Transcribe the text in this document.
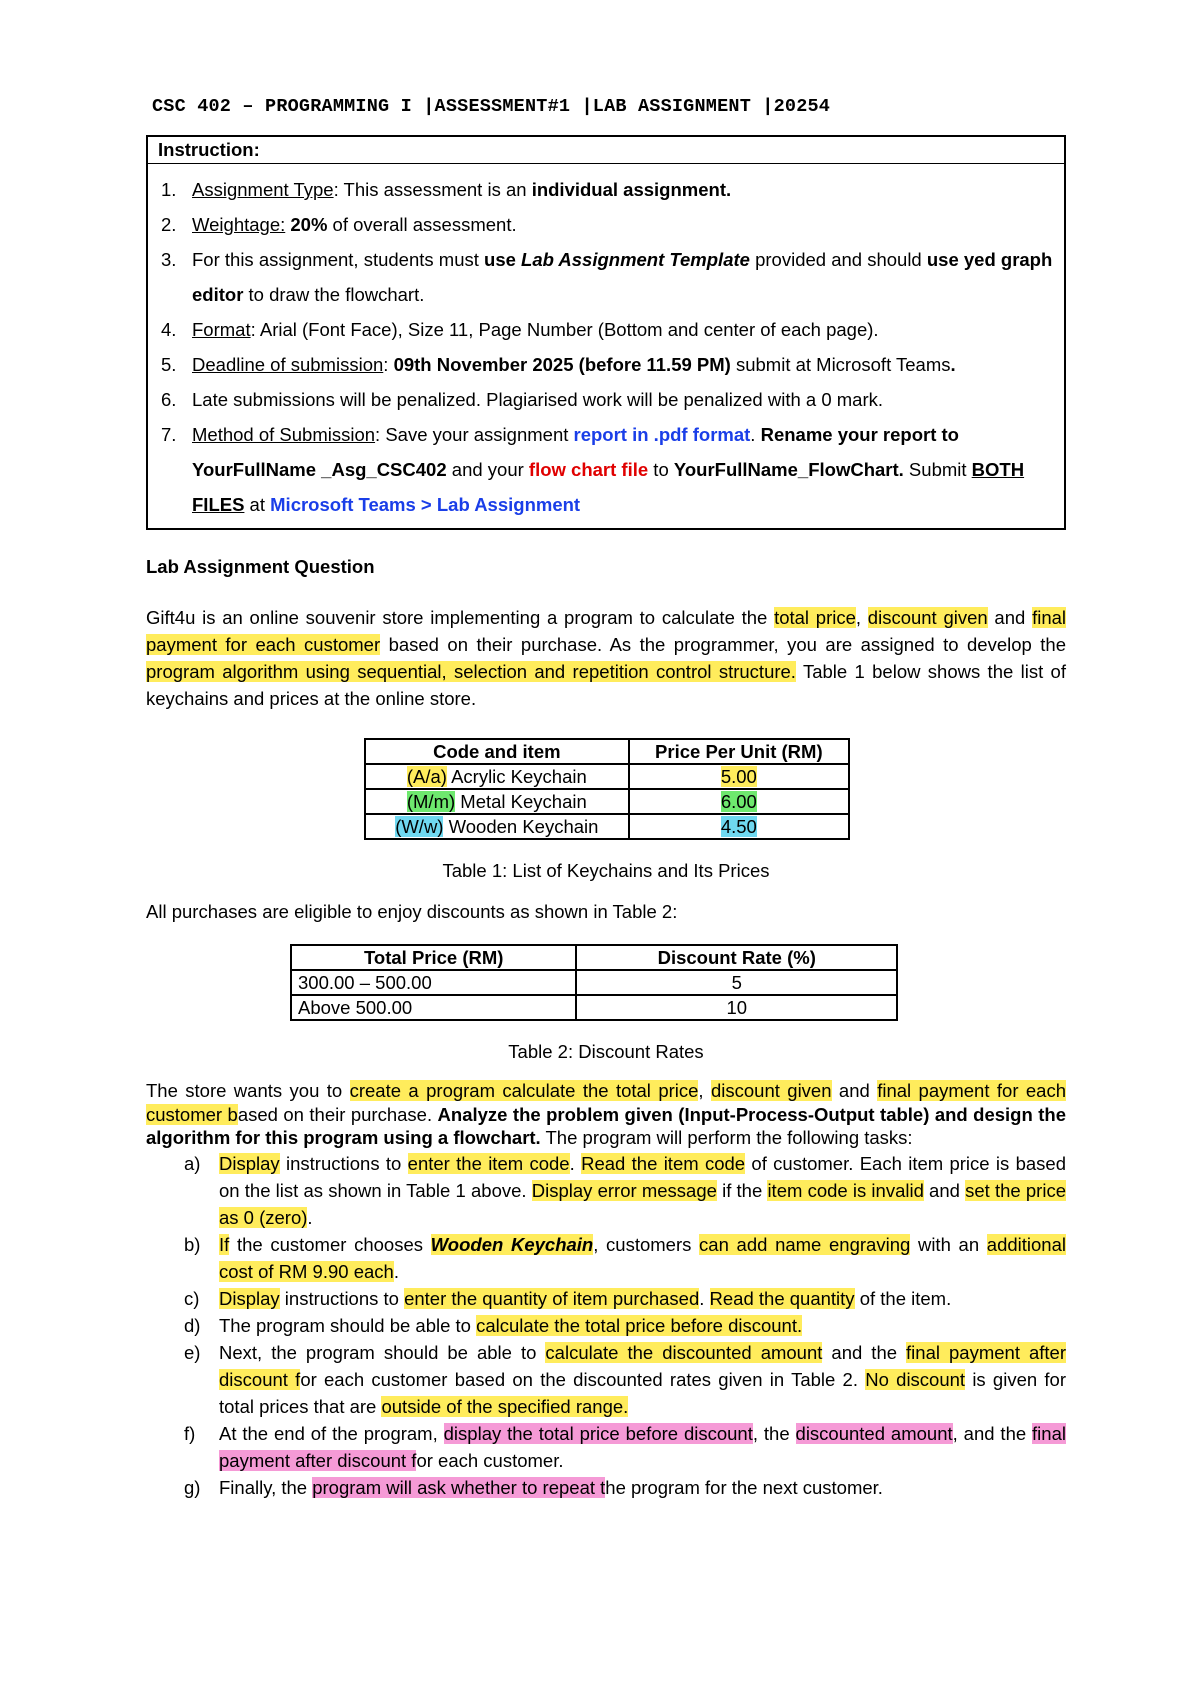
CSC 402 – PROGRAMMING I |ASSESSMENT#1 |LAB ASSIGNMENT |20254
Instruction:
1. Assignment Type: This assessment is an individual assignment.
2. Weightage: 20% of overall assessment.
3. For this assignment, students must use Lab Assignment Template provided and should use yed graph editor to draw the flowchart.
4. Format: Arial (Font Face), Size 11, Page Number (Bottom and center of each page).
5. Deadline of submission: 09th November 2025 (before 11.59 PM) submit at Microsoft Teams.
6. Late submissions will be penalized. Plagiarised work will be penalized with a 0 mark.
7. Method of Submission: Save your assignment report in .pdf format. Rename your report to YourFullName _Asg_CSC402 and your flow chart file to YourFullName_FlowChart. Submit BOTH FILES at Microsoft Teams > Lab Assignment
Lab Assignment Question

Gift4u is an online souvenir store implementing a program to calculate the total price, discount given and final payment for each customer based on their purchase. As the programmer, you are assigned to develop the program algorithm using sequential, selection and repetition control structure. Table 1 below shows the list of keychains and prices at the online store.

Code and item	Price Per Unit (RM)
(A/a) Acrylic Keychain	5.00
(M/m) Metal Keychain	6.00
(W/w) Wooden Keychain	4.50

Table 1: List of Keychains and Its Prices

All purchases are eligible to enjoy discounts as shown in Table 2:

Total Price (RM)	Discount Rate (%)
300.00 – 500.00	5
Above 500.00	10

Table 2: Discount Rates

The store wants you to create a program calculate the total price, discount given and final payment for each customer based on their purchase. Analyze the problem given (Input-Process-Output table) and design the algorithm for this program using a flowchart. The program will perform the following tasks:

a) Display instructions to enter the item code. Read the item code of customer. Each item price is based on the list as shown in Table 1 above. Display error message if the item code is invalid and set the price as 0 (zero).
b) If the customer chooses Wooden Keychain, customers can add name engraving with an additional cost of RM 9.90 each.
c) Display instructions to enter the quantity of item purchased. Read the quantity of the item.
d) The program should be able to calculate the total price before discount.
e) Next, the program should be able to calculate the discounted amount and the final payment after discount for each customer based on the discounted rates given in Table 2. No discount is given for total prices that are outside of the specified range.
f) At the end of the program, display the total price before discount, the discounted amount, and the final payment after discount for each customer.
g) Finally, the program will ask whether to repeat the program for the next customer.
